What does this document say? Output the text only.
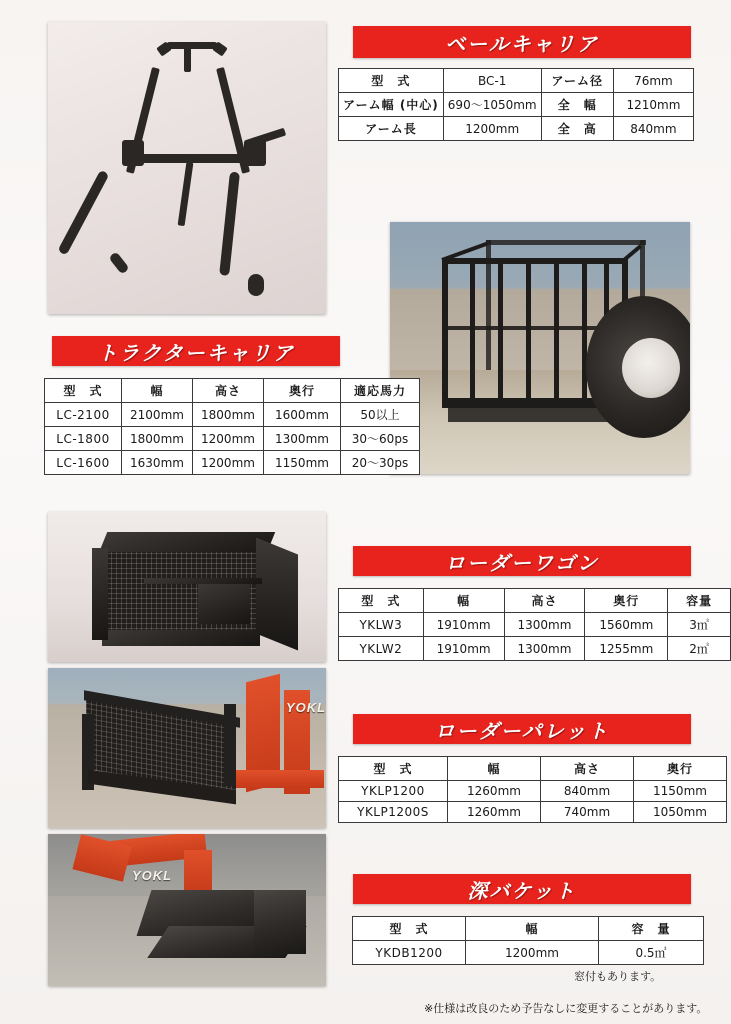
ベールキャリア
型　式	BC-1	アーム径	76mm
アーム幅 (中心)	690〜1050mm	全　幅	1210mm
アーム長	1200mm	全　高	840mm
トラクターキャリア
型　式	幅	高さ	奥行	適応馬力
LC-2100	2100mm	1800mm	1600mm	50以上
LC-1800	1800mm	1200mm	1300mm	30〜60ps
LC-1600	1630mm	1200mm	1150mm	20〜30ps
ローダーワゴン
型　式	幅	高さ	奥行	容量
YKLW3	1910mm	1300mm	1560mm	3㎥
YKLW2	1910mm	1300mm	1255mm	2㎥
YOKL
ローダーパレット
型　式	幅	高さ	奥行
YKLP1200	1260mm	840mm	1150mm
YKLP1200S	1260mm	740mm	1050mm
YOKL
深バケット
型　式	幅	容　量
YKDB1200	1200mm	0.5㎥
窓付もあります。
※仕様は改良のため予告なしに変更することがあります。
